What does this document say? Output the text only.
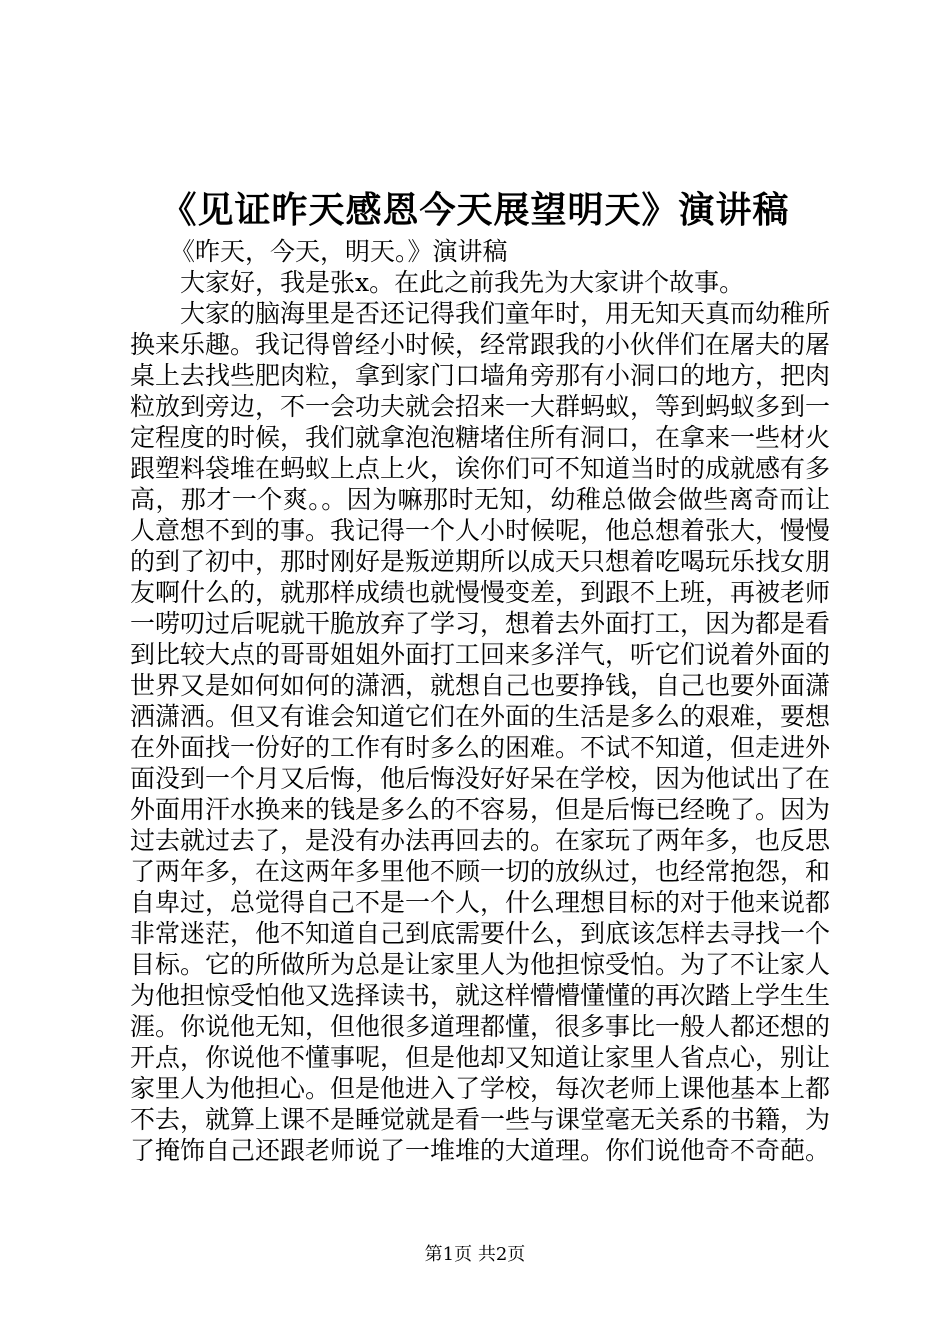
《见证昨天感恩今天展望明天》演讲稿

《昨天，今天，明天。》演讲稿

大家好，我是张x。在此之前我先为大家讲个故事。

大家的脑海里是否还记得我们童年时，用无知天真而幼稚所换来乐趣。我记得曾经小时候，经常跟我的小伙伴们在屠夫的屠桌上去找些肥肉粒，拿到家门口墙角旁那有小洞口的地方，把肉粒放到旁边，不一会功夫就会招来一大群蚂蚁，等到蚂蚁多到一定程度的时候，我们就拿泡泡糖堵住所有洞口，在拿来一些材火跟塑料袋堆在蚂蚁上点上火，诶你们可不知道当时的成就感有多高，那才一个爽。。因为嘛那时无知，幼稚总做会做些离奇而让人意想不到的事。我记得一个人小时候呢，他总想着张大，慢慢的到了初中，那时刚好是叛逆期所以成天只想着吃喝玩乐找女朋友啊什么的，就那样成绩也就慢慢变差，到跟不上班，再被老师一唠叨过后呢就干脆放弃了学习，想着去外面打工，因为都是看到比较大点的哥哥姐姐外面打工回来多洋气，听它们说着外面的世界又是如何如何的潇洒，就想自己也要挣钱，自己也要外面潇洒潇洒。但又有谁会知道它们在外面的生活是多么的艰难，要想在外面找一份好的工作有时多么的困难。不试不知道，但走进外面没到一个月又后悔，他后悔没好好呆在学校，因为他试出了在外面用汗水换来的钱是多么的不容易，但是后悔已经晚了。因为过去就过去了，是没有办法再回去的。在家玩了两年多，也反思了两年多，在这两年多里他不顾一切的放纵过，也经常抱怨，和自卑过，总觉得自己不是一个人，什么理想目标的对于他来说都非常迷茫，他不知道自己到底需要什么，到底该怎样去寻找一个目标。它的所做所为总是让家里人为他担惊受怕。为了不让家人为他担惊受怕他又选择读书，就这样懵懵懂懂的再次踏上学生生涯。你说他无知，但他很多道理都懂，很多事比一般人都还想的开点，你说他不懂事呢，但是他却又知道让家里人省点心，别让家里人为他担心。但是他进入了学校，每次老师上课他基本上都不去，就算上课不是睡觉就是看一些与课堂毫无关系的书籍，为了掩饰自己还跟老师说了一堆堆的大道理。你们说他奇不奇葩。

第1页 共2页
